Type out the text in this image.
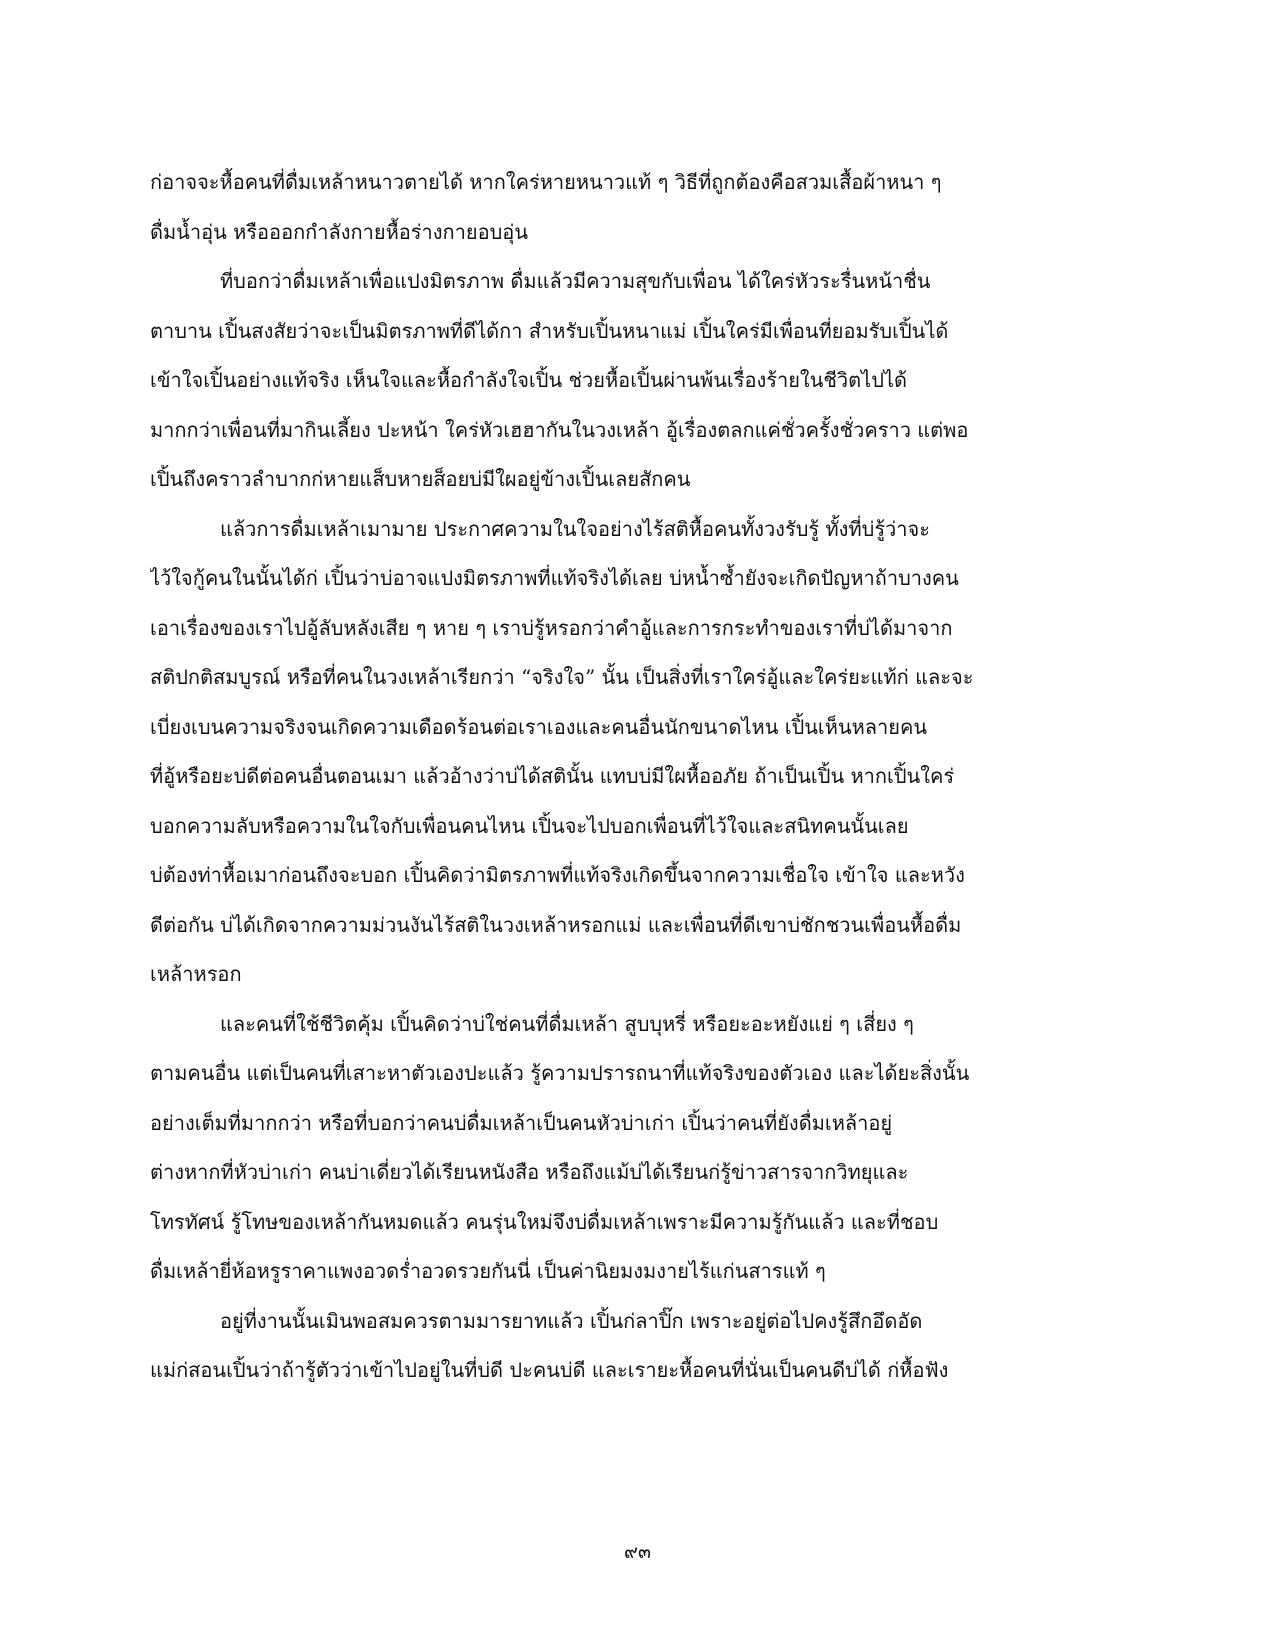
ก่อาจจะหื้อคนที่ดื่มเหล้าหนาวตายได้ หากใคร่หายหนาวแท้ ๆ วิธีที่ถูกต้องคือสวมเสื้อผ้าหนา ๆ
ดื่มน้ำอุ่น หรือออกกำลังกายหื้อร่างกายอบอุ่น
ที่บอกว่าดื่มเหล้าเพื่อแปงมิตรภาพ ดื่มแล้วมีความสุขกับเพื่อน ได้ใคร่หัวระรื่นหน้าชื่น
ตาบาน เปิ้นสงสัยว่าจะเป็นมิตรภาพที่ดีได้กา สำหรับเปิ้นหนาแม่ เปิ้นใคร่มีเพื่อนที่ยอมรับเปิ้นได้
เข้าใจเปิ้นอย่างแท้จริง เห็นใจและหื้อกำลังใจเปิ้น ช่วยหื้อเปิ้นผ่านพ้นเรื่องร้ายในชีวิตไปได้
มากกว่าเพื่อนที่มากินเลี้ยง ปะหน้า ใคร่หัวเฮฮากันในวงเหล้า อู้เรื่องตลกแค่ชั่วครั้งชั่วคราว แต่พอ
เปิ้นถึงคราวลำบากก่หายแส็บหายส็อยบ่มีใผอยู่ข้างเปิ้นเลยสักคน
แล้วการดื่มเหล้าเมามาย ประกาศความในใจอย่างไร้สติหื้อคนทั้งวงรับรู้ ทั้งที่บ่รู้ว่าจะ
ไว้ใจกู้คนในนั้นได้ก่ เปิ้นว่าบ่อาจแปงมิตรภาพที่แท้จริงได้เลย บ่หน้ำซ้ำยังจะเกิดปัญหาถ้าบางคน
เอาเรื่องของเราไปอู้ลับหลังเสีย ๆ หาย ๆ เราบ่รู้หรอกว่าคำอู้และการกระทำของเราที่บ่ได้มาจาก
สติปกติสมบูรณ์ หรือที่คนในวงเหล้าเรียกว่า “จริงใจ” นั้น เป็นสิ่งที่เราใคร่อู้และใคร่ยะแท้ก่ และจะ
เบี่ยงเบนความจริงจนเกิดความเดือดร้อนต่อเราเองและคนอื่นนักขนาดไหน เปิ้นเห็นหลายคน
ที่อู้หรือยะบ่ดีต่อคนอื่นตอนเมา แล้วอ้างว่าบ่ได้สตินั้น แทบบ่มีใผหื้ออภัย ถ้าเป็นเปิ้น หากเปิ้นใคร่
บอกความลับหรือความในใจกับเพื่อนคนไหน เปิ้นจะไปบอกเพื่อนที่ไว้ใจและสนิทคนนั้นเลย
บ่ต้องท่าหื้อเมาก่อนถึงจะบอก เปิ้นคิดว่ามิตรภาพที่แท้จริงเกิดขึ้นจากความเชื่อใจ เข้าใจ และหวัง
ดีต่อกัน บ่ได้เกิดจากความม่วนงันไร้สติในวงเหล้าหรอกแม่ และเพื่อนที่ดีเขาบ่ชักชวนเพื่อนหื้อดื่ม
เหล้าหรอก
และคนที่ใช้ชีวิตคุ้ม เปิ้นคิดว่าบ่ใช่คนที่ดื่มเหล้า สูบบุหรี่ หรือยะอะหยังแย่ ๆ เสี่ยง ๆ
ตามคนอื่น แต่เป็นคนที่เสาะหาตัวเองปะแล้ว รู้ความปรารถนาที่แท้จริงของตัวเอง และได้ยะสิ่งนั้น
อย่างเต็มที่มากกว่า หรือที่บอกว่าคนบ่ดื่มเหล้าเป็นคนหัวบ่าเก่า เปิ้นว่าคนที่ยังดื่มเหล้าอยู่
ต่างหากที่หัวบ่าเก่า คนบ่าเดี่ยวได้เรียนหนังสือ หรือถึงแม้บ่ได้เรียนก่รู้ข่าวสารจากวิทยุและ
โทรทัศน์ รู้โทษของเหล้ากันหมดแล้ว คนรุ่นใหม่จึงบ่ดื่มเหล้าเพราะมีความรู้กันแล้ว และที่ชอบ
ดื่มเหล้ายี่ห้อหรูราคาแพงอวดร่ำอวดรวยกันนี่ เป็นค่านิยมงมงายไร้แก่นสารแท้ ๆ
อยู่ที่งานนั้นเมินพอสมควรตามมารยาทแล้ว เปิ้นก่ลาปิ๊ก เพราะอยู่ต่อไปคงรู้สึกอึดอัด
แม่ก่สอนเปิ้นว่าถ้ารู้ตัวว่าเข้าไปอยู่ในที่บ่ดี ปะคนบ่ดี และเรายะหื้อคนที่นั่นเป็นคนดีบ่ได้ ก่หื้อฟัง
๙๓
